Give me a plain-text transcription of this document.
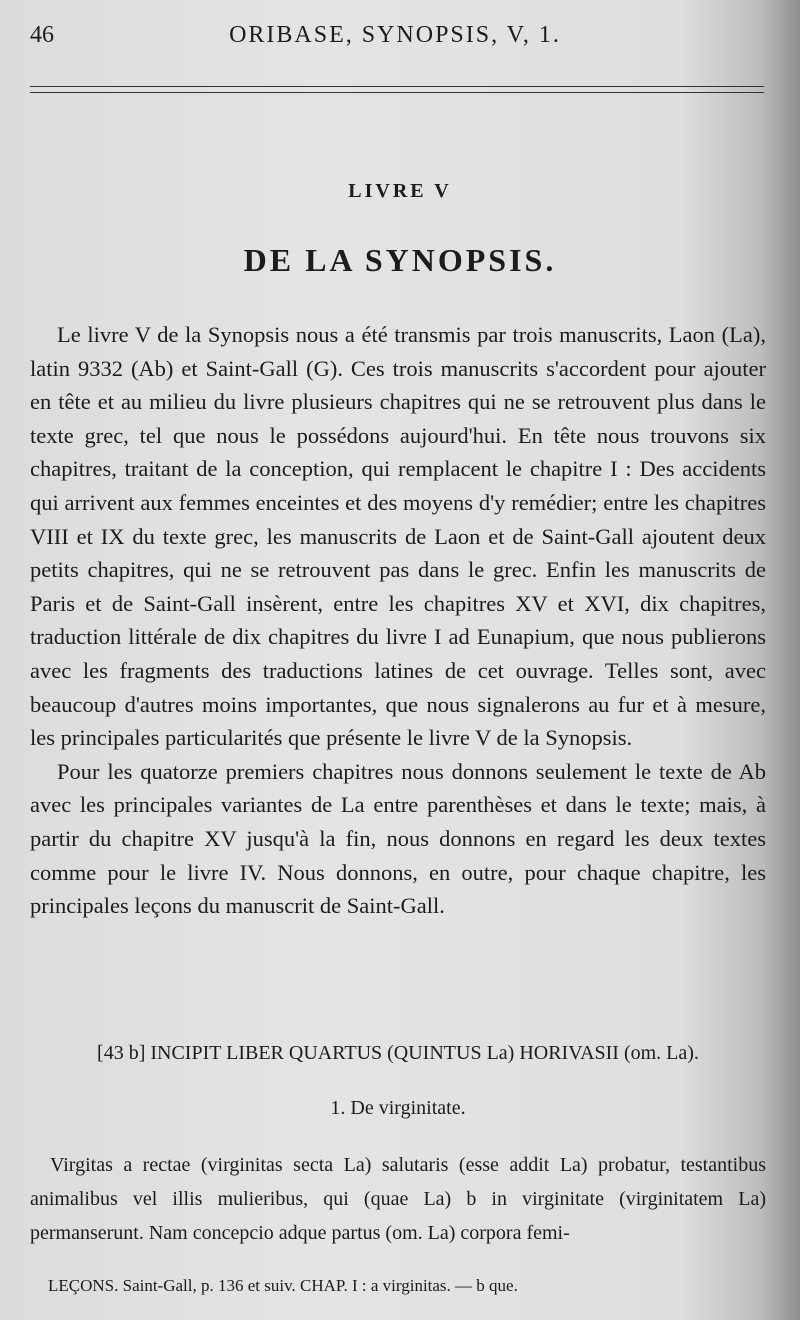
46	ORIBASE, SYNOPSIS, V, 1.
LIVRE V
DE LA SYNOPSIS.

Le livre V de la Synopsis nous a été transmis par trois manuscrits, Laon (La), latin 9332 (Ab) et Saint-Gall (G). Ces trois manuscrits s'accordent pour ajouter en tête et au milieu du livre plusieurs chapitres qui ne se retrouvent plus dans le texte grec, tel que nous le possédons aujourd'hui. En tête nous trouvons six chapitres, traitant de la conception, qui remplacent le chapitre I : Des accidents qui arrivent aux femmes enceintes et des moyens d'y remédier; entre les chapitres VIII et IX du texte grec, les manuscrits de Laon et de Saint-Gall ajoutent deux petits chapitres, qui ne se retrouvent pas dans le grec. Enfin les manuscrits de Paris et de Saint-Gall insèrent, entre les chapitres XV et XVI, dix chapitres, traduction littérale de dix chapitres du livre I ad Eunapium, que nous publierons avec les fragments des traductions latines de cet ouvrage. Telles sont, avec beaucoup d'autres moins importantes, que nous signalerons au fur et à mesure, les principales particularités que présente le livre V de la Synopsis.

Pour les quatorze premiers chapitres nous donnons seulement le texte de Ab avec les principales variantes de La entre parenthèses et dans le texte; mais, à partir du chapitre XV jusqu'à la fin, nous donnons en regard les deux textes comme pour le livre IV. Nous donnons, en outre, pour chaque chapitre, les principales leçons du manuscrit de Saint-Gall.

[43 b] INCIPIT LIBER QUARTUS (QUINTUS La) HORIVASII (om. La).
1. De virginitate.

Virgitas a rectae (virginitas secta La) salutaris (esse addit La) probatur, testantibus animalibus vel illis mulieribus, qui (quae La) b in virginitate (virginitatem La) permanserunt. Nam concepcio adque partus (om. La) corpora femi-

LEÇONS. Saint-Gall, p. 136 et suiv. CHAP. I : a virginitas. — b que.
